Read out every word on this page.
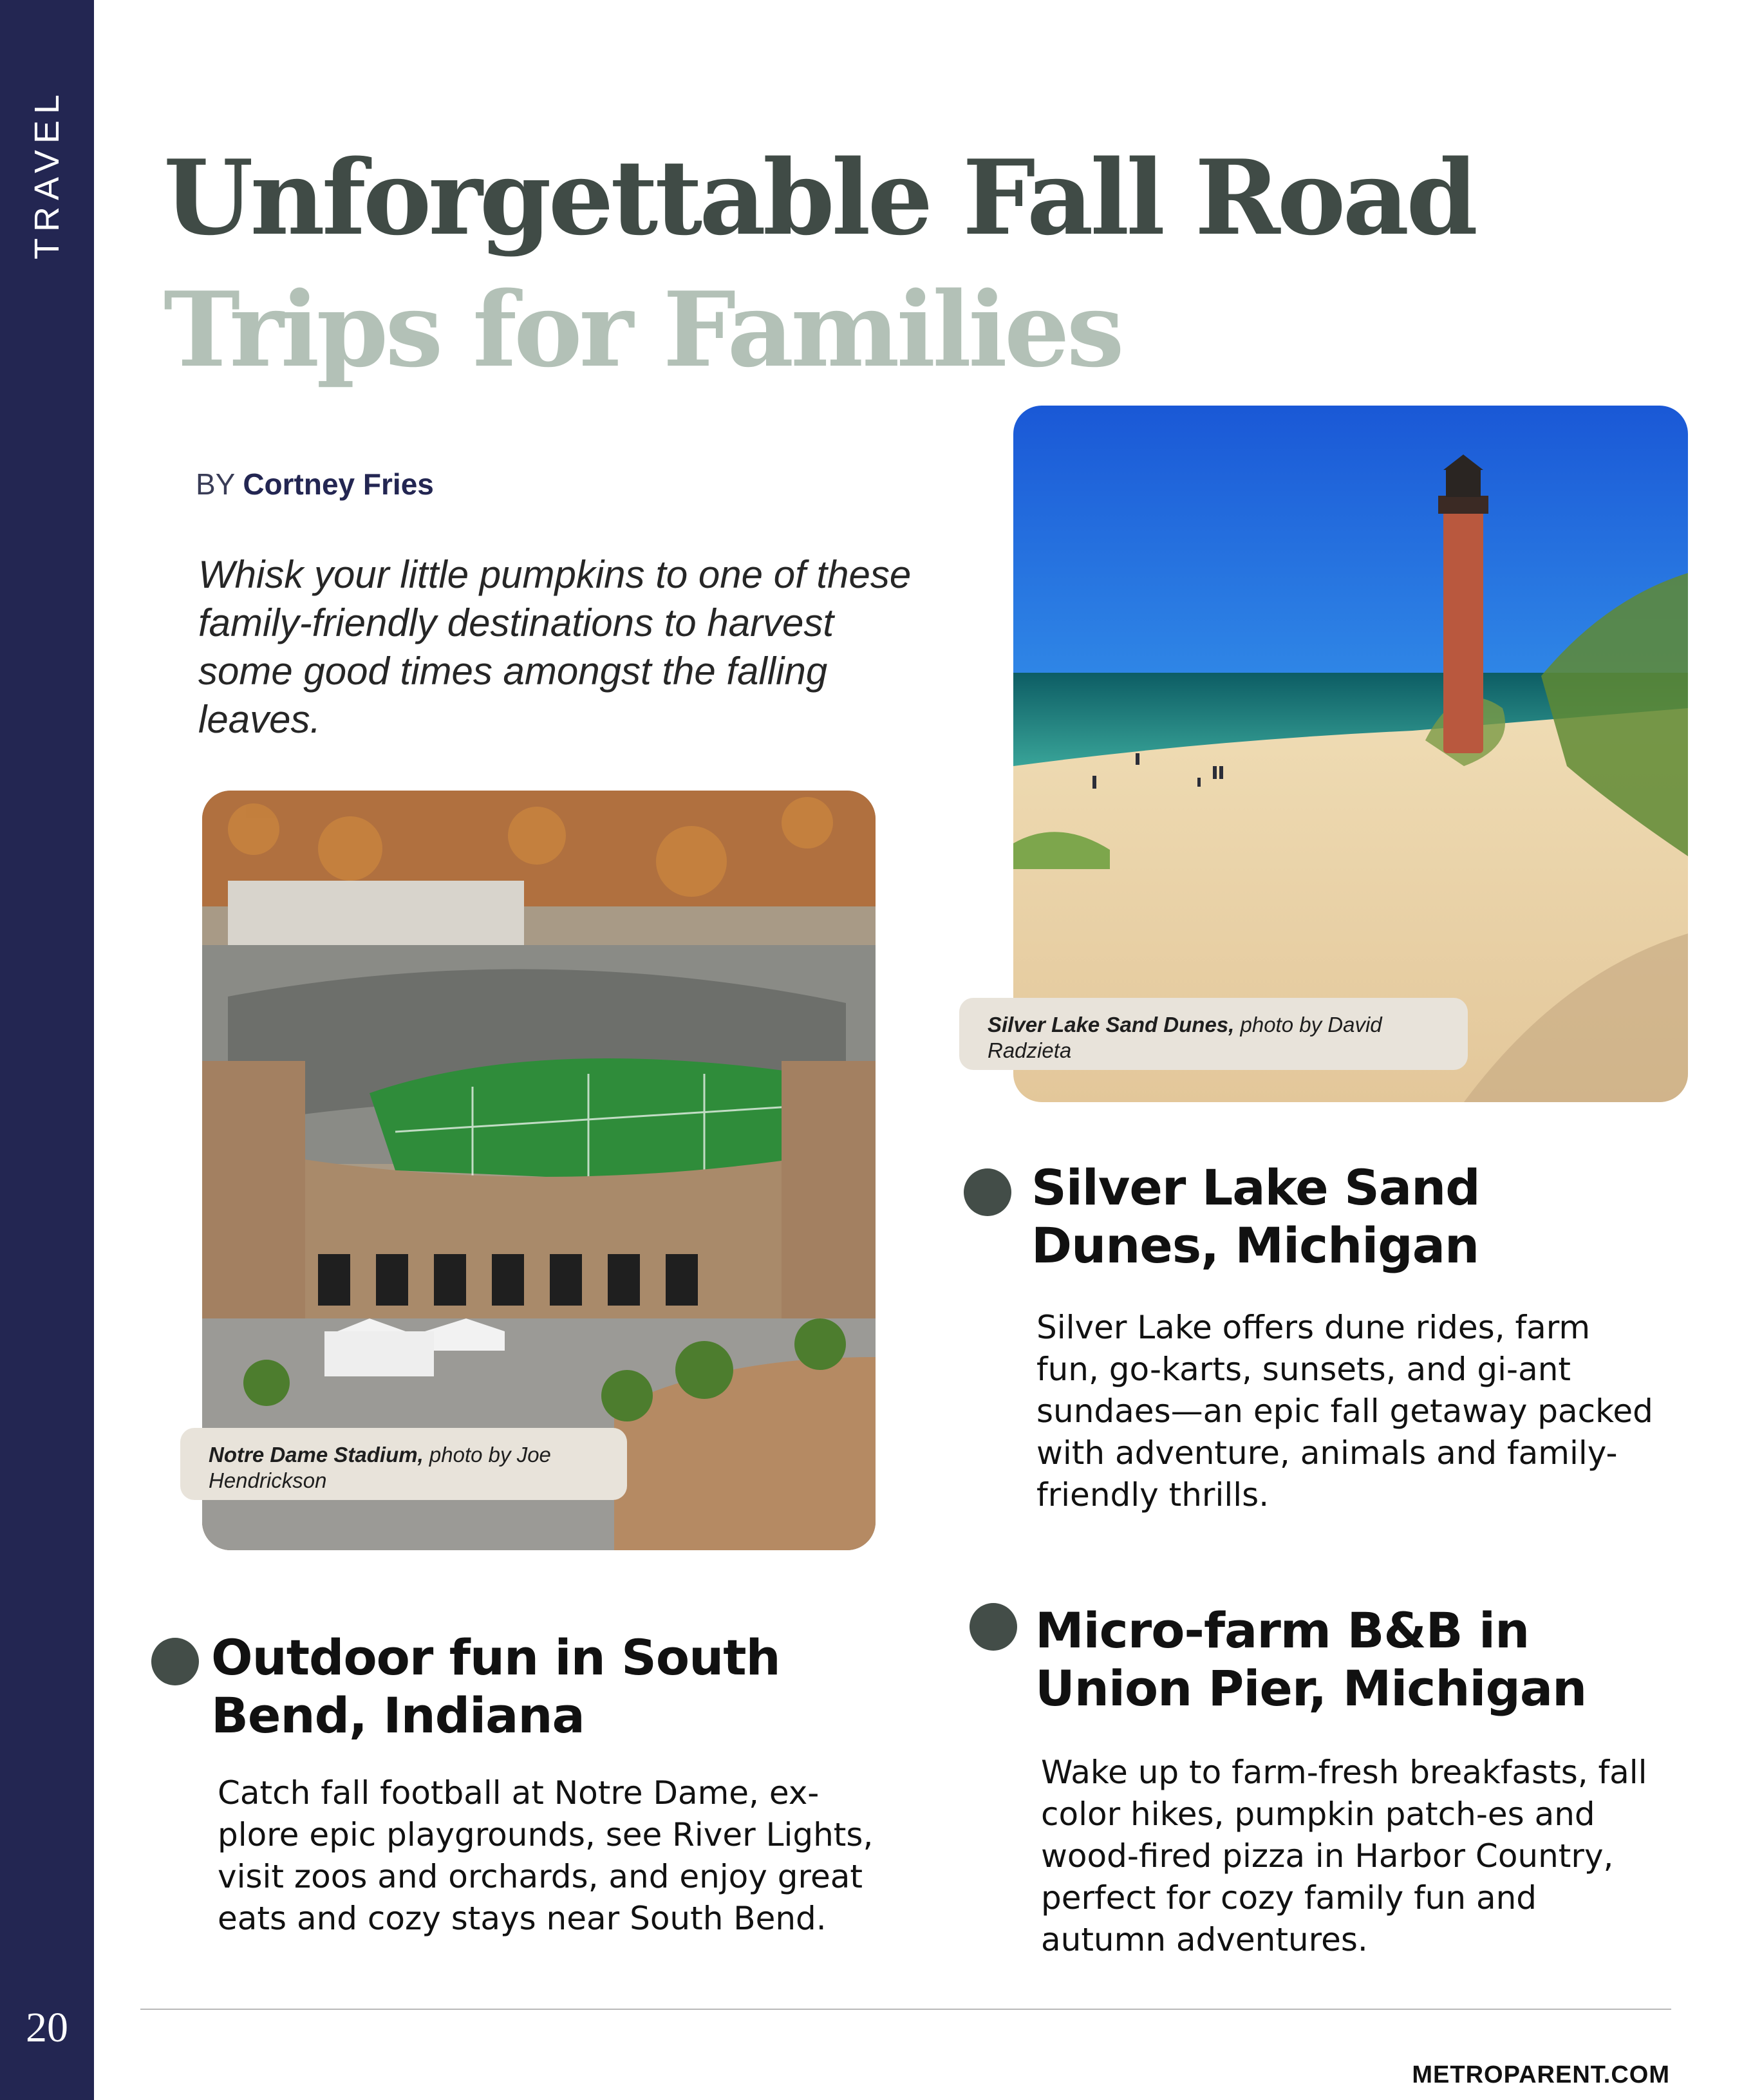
TRAVEL
20
Unforgettable Fall Road
Trips for Families
BY Cortney Fries

Whisk your little pumpkins to one of these family-friendly destinations to harvest some good times amongst the falling leaves.

Silver Lake Sand Dunes, photo by David Radzieta
Notre Dame Stadium, photo by Joe Hendrickson
Silver Lake Sand Dunes, Michigan

Silver Lake offers dune rides, farm fun, go-karts, sunsets, and gi-ant sundaes—an epic fall getaway packed with adventure, animals and family-friendly thrills.

Outdoor fun in South Bend, Indiana

Catch fall football at Notre Dame, ex-plore epic playgrounds, see River Lights, visit zoos and orchards, and enjoy great eats and cozy stays near South Bend.

Micro-farm B&B in Union Pier, Michigan

Wake up to farm-fresh breakfasts, fall color hikes, pumpkin patch-es and wood-fired pizza in Harbor Country, perfect for cozy family fun and autumn adventures.

METROPARENT.COM
